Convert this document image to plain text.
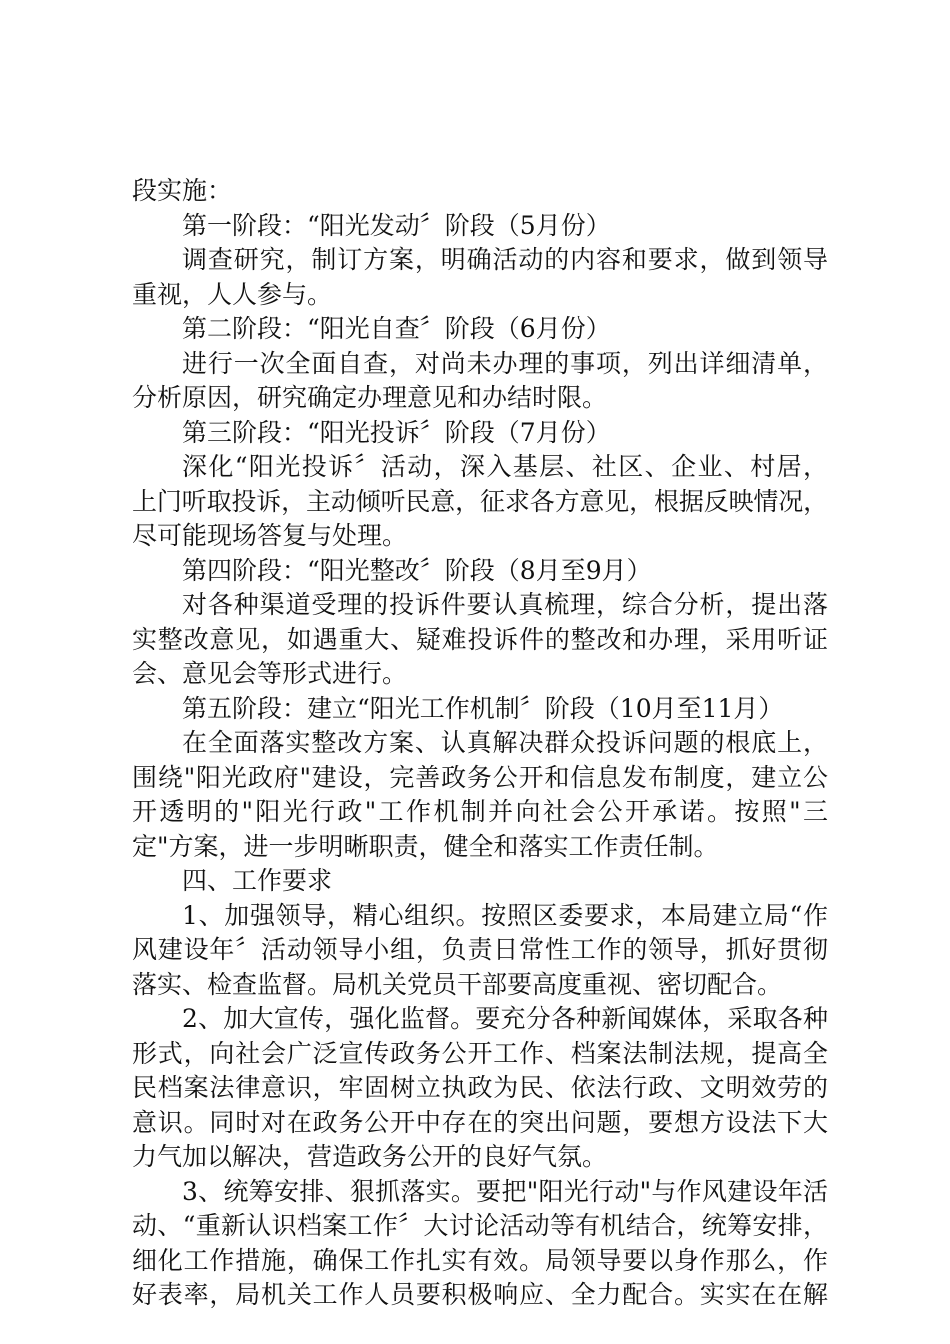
段实施：
第一阶段：“阳光发动〞阶段（5月份）
调查研究，制订方案，明确活动的内容和要求，做到领导
重视，人人参与。
第二阶段：“阳光自查〞阶段（6月份）
进行一次全面自查，对尚未办理的事项，列出详细清单，
分析原因，研究确定办理意见和办结时限。
第三阶段：“阳光投诉〞阶段（7月份）
深化“阳光投诉〞活动，深入基层、社区、企业、村居，
上门听取投诉，主动倾听民意，征求各方意见，根据反映情况，
尽可能现场答复与处理。
第四阶段：“阳光整改〞阶段（8月至9月）
对各种渠道受理的投诉件要认真梳理，综合分析，提出落
实整改意见，如遇重大、疑难投诉件的整改和办理，采用听证
会、意见会等形式进行。
第五阶段：建立“阳光工作机制〞阶段（10月至11月）
在全面落实整改方案、认真解决群众投诉问题的根底上，
围绕"阳光政府"建设，完善政务公开和信息发布制度，建立公
开透明的"阳光行政"工作机制并向社会公开承诺。按照"三
定"方案，进一步明晰职责，健全和落实工作责任制。
四、工作要求
1、加强领导，精心组织。按照区委要求，本局建立局“作
风建设年〞活动领导小组，负责日常性工作的领导，抓好贯彻
落实、检查监督。局机关党员干部要高度重视、密切配合。
2、加大宣传，强化监督。要充分各种新闻媒体，采取各种
形式，向社会广泛宣传政务公开工作、档案法制法规，提高全
民档案法律意识，牢固树立执政为民、依法行政、文明效劳的
意识。同时对在政务公开中存在的突出问题，要想方设法下大
力气加以解决，营造政务公开的良好气氛。
3、统筹安排、狠抓落实。要把"阳光行动"与作风建设年活
动、“重新认识档案工作〞大讨论活动等有机结合，统筹安排，
细化工作措施，确保工作扎实有效。局领导要以身作那么，作
好表率，局机关工作人员要积极响应、全力配合。实实在在解
